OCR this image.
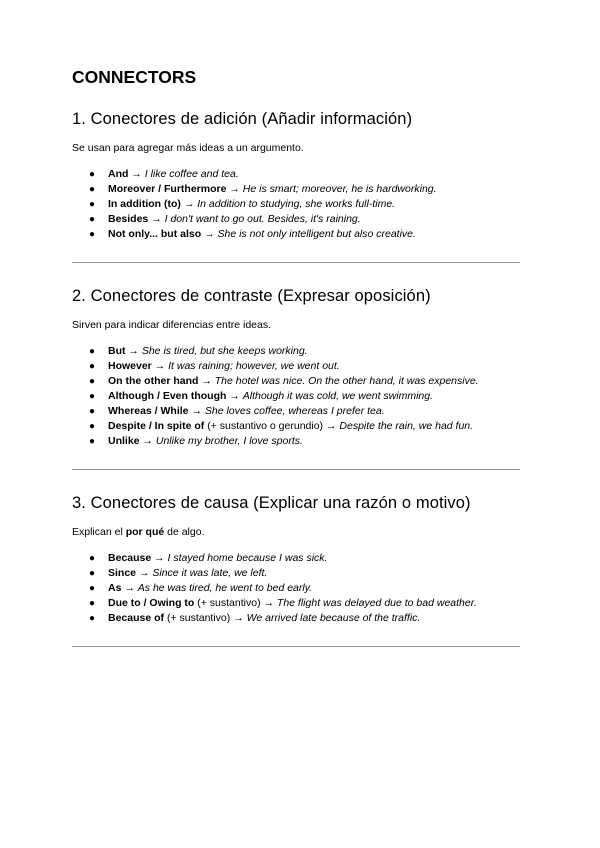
CONNECTORS
1. Conectores de adición (Añadir información)

Se usan para agregar más ideas a un argumento.

● And → I like coffee and tea.
● Moreover / Furthermore → He is smart; moreover, he is hardworking.
● In addition (to) → In addition to studying, she works full-time.
● Besides → I don't want to go out. Besides, it's raining.
● Not only... but also → She is not only intelligent but also creative.
2. Conectores de contraste (Expresar oposición)

Sirven para indicar diferencias entre ideas.

● But → She is tired, but she keeps working.
● However → It was raining; however, we went out.
● On the other hand → The hotel was nice. On the other hand, it was expensive.
● Although / Even though → Although it was cold, we went swimming.
● Whereas / While → She loves coffee, whereas I prefer tea.
● Despite / In spite of (+ sustantivo o gerundio) → Despite the rain, we had fun.
● Unlike → Unlike my brother, I love sports.
3. Conectores de causa (Explicar una razón o motivo)

Explican el por qué de algo.

● Because → I stayed home because I was sick.
● Since → Since it was late, we left.
● As → As he was tired, he went to bed early.
● Due to / Owing to (+ sustantivo) → The flight was delayed due to bad weather.
● Because of (+ sustantivo) → We arrived late because of the traffic.
